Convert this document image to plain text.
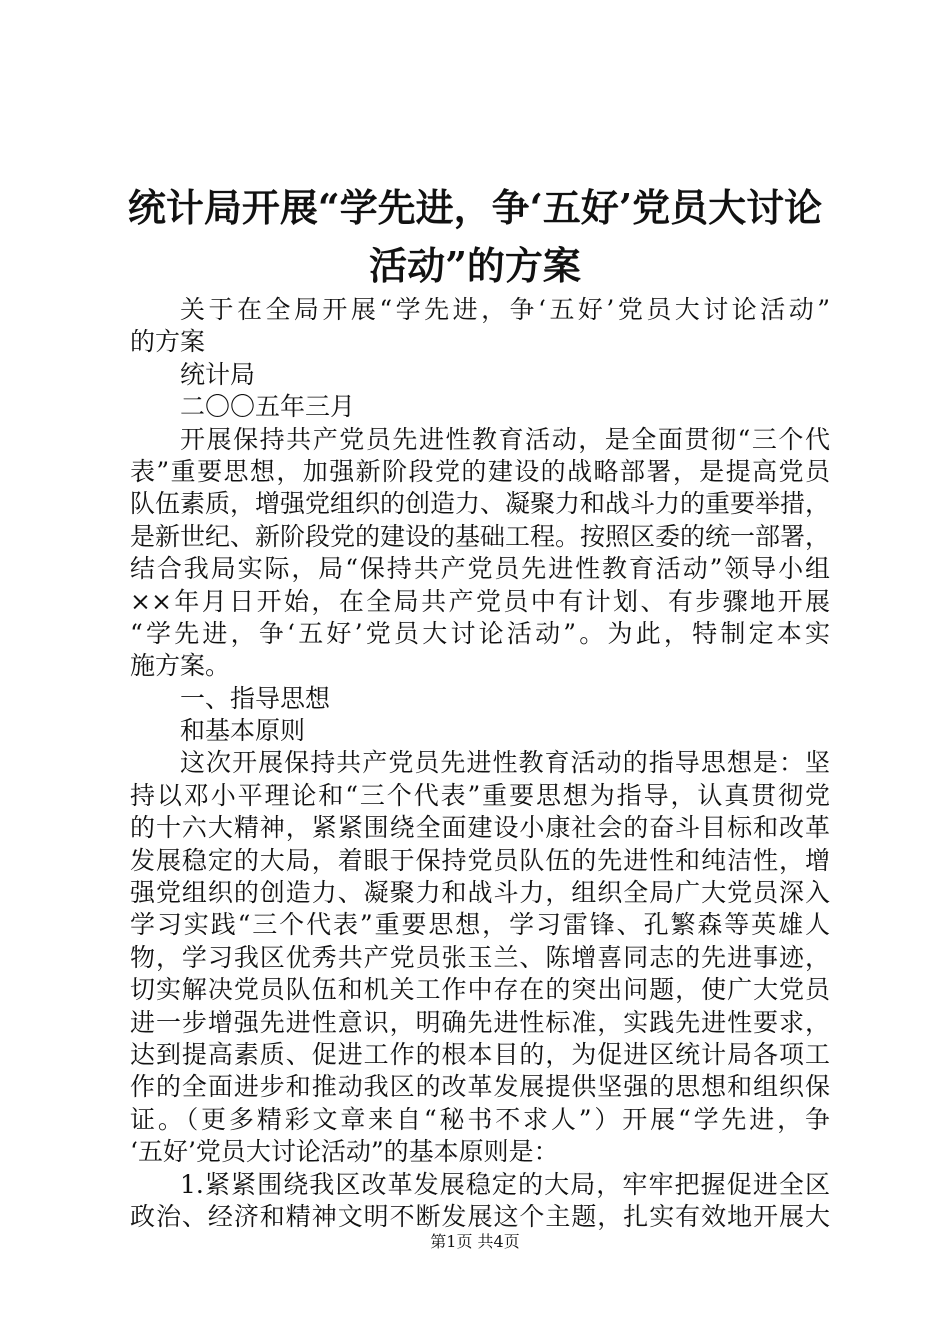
统计局开展“学先进，争‘五好’党员大讨论
活动”的方案
关于在全局开展“学先进，争‘五好’党员大讨论活动”
的方案
统计局
二〇〇五年三月
开展保持共产党员先进性教育活动，是全面贯彻“三个代
表”重要思想，加强新阶段党的建设的战略部署，是提高党员
队伍素质，增强党组织的创造力、凝聚力和战斗力的重要举措，
是新世纪、新阶段党的建设的基础工程。按照区委的统一部署，
结合我局实际，局“保持共产党员先进性教育活动”领导小组
××年月日开始，在全局共产党员中有计划、有步骤地开展
“学先进，争‘五好’党员大讨论活动”。为此，特制定本实
施方案。
一、指导思想
和基本原则
这次开展保持共产党员先进性教育活动的指导思想是：坚
持以邓小平理论和“三个代表”重要思想为指导，认真贯彻党
的十六大精神，紧紧围绕全面建设小康社会的奋斗目标和改革
发展稳定的大局，着眼于保持党员队伍的先进性和纯洁性，增
强党组织的创造力、凝聚力和战斗力，组织全局广大党员深入
学习实践“三个代表”重要思想，学习雷锋、孔繁森等英雄人
物，学习我区优秀共产党员张玉兰、陈增喜同志的先进事迹，
切实解决党员队伍和机关工作中存在的突出问题，使广大党员
进一步增强先进性意识，明确先进性标准，实践先进性要求，
达到提高素质、促进工作的根本目的，为促进区统计局各项工
作的全面进步和推动我区的改革发展提供坚强的思想和组织保
证。（更多精彩文章来自“秘书不求人”）开展“学先进，争
‘五好’党员大讨论活动”的基本原则是：
1.紧紧围绕我区改革发展稳定的大局，牢牢把握促进全区
政治、经济和精神文明不断发展这个主题，扎实有效地开展大
第1页 共4页
